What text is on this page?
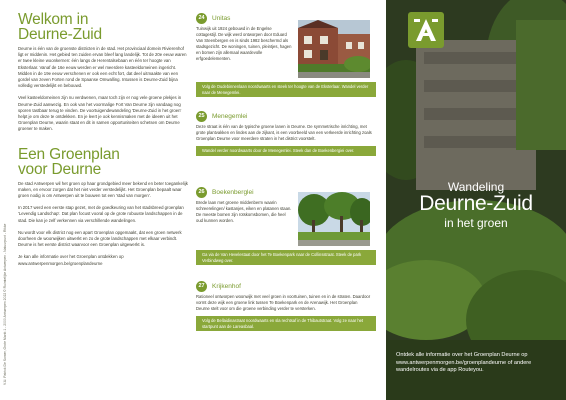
Welkom in
Deurne-Zuid

Deurne is één van de groenste districten in de stad. Het provinciaal domein Rivierenhof ligt er middenin. Het gebied ten zuiden ervan bleef lang landelijk. Tot de 20e eeuw waren er twee kleine woonkernen: één langs de Herentalsebaan en één ter hoogte van Eksterlaar. Vanaf de 16e eeuw werden er wel meerdere kasteeldomeinen ingericht. Midden in de 19e eeuw verschenen er ook een echt fort, dat deel uitmaakte van een gordel van zeven Forten rond de Spaanse Omwalling. Intussen is Deurne-Zuid bijna volledig verstedelijkt en bebouwd.

Veel kasteeldomeinen zijn nu verdwenen, maar toch zijn er nog vele groene plekjes in Deurne-Zuid aanwezig. En ook van het voormalige Fort Van Deurne zijn vandaag nog sporen tastbaar terug te vinden. De voortuigendewandeling 'Deurne-Zuid in het groen' helpt je om deze te ontdekken. En je leert je ook kennismaken met de ideeën uit het Groenplan Deurne, waarin staat en dit in samen opportuniteiten schetsen om Deurne groener te maken.

Een Groenplan
voor Deurne

De stad Antwerpen wil het groen op haar grondgebied meer bekend en beter toegankelijk maken, en ervoor zorgen dat het niet verder verstedelijkt. Het Groenplan bepaalt waar groen nodig is om Antwerpen uit te bouwen tot een 'stad van morgen'.

In 2017 werd een eerste stap gezet, met de goedkeuring van het stadsbreed groenplan 'Levendig Landschap'. Dat plan focust vooral op de grote robuuste landschappen in de stad. Die kan je zelf verkennen via verschillende wandelingen.

Nu wordt voor elk district nog een apart Groenplan opgemaakt, dat een groen netwerk doorheen de woonwijken uitwerkt en zo de grote landschappen met elkaar verbindt. Deurne is het eerste district waarvoor een Groenplan uitgewerkt is.

Je kan alle informatie over het Groenplan ontdekken op www.antwerpenmorgen.be/groenplandeurne

V.U. Patrick De Somer, Grote Markt 1 - 2000 Antwerpen 2022 © Ruimtelijke Antwerpen - Natuurpunt - Rikke
24	Unitas
Tuinwijk uit 1924 gebouwd in de Engelse cottagestijl. De wijk werd ontworpen door Eduard Van Steenbergen en is sinds 1982 beschermd als stadsgezicht. De woningen, tuinen, pleintjes, hagen en bomen zijn allemaal waardevolle erfgoedelementen.
Volg de Oudebinnenlaan noordwaarts en steek ter hoogte van de Eksterlaar. Wandel verder naar de Menegemlei.
25	Menegemlei
Deze straat is één van de typische groene lanen in Deurne. De symmetrische inrichting, met grote plantvakken en lindes aan de zijkant, is een voorbeeld van een verkeerde inrichting zoals Groenplan Deurne voor meerdere straten in het district voorstelt.
Wandel verder noordwaarts door de Menegemlei. Steek dan de Boekenbergiei over.
26	Boekenberglei
Brede laan met groene middenberm waarin schreerelingen/ kastanjes, eiken en platanen staan. De meeste bomen zijn rotskomsbomen, die heel oud kunnen worden.
Ga via de Van Hevelestaat door het Te Boekenpark naar de Collinsstraat. Steek de park Verbindweg over.
27	Krijkenhof
Rationeel ontworpen woonwijk met veel groen in voortuinen, tuinen en in de straten. Daardoor vormt deze wijk een groene link tussen Te Boekenpark en de Arenawijk. Het Groenplan Deurne stelt voor om die groene verbinding verder te versterken.
Volg de Bellaidinastraat noordwaarts en sla rechtsaf in de Thibautstraat. Volg ze naar het startpunt aan de Lareasbaal.
Wandeling
Deurne-Zuid
in het groen
Ontdek alle informatie over het Groenplan Deurne op www.antwerpenmorgen.be/groenplandeurne of andere wandelroutes via de app Routeyou.
